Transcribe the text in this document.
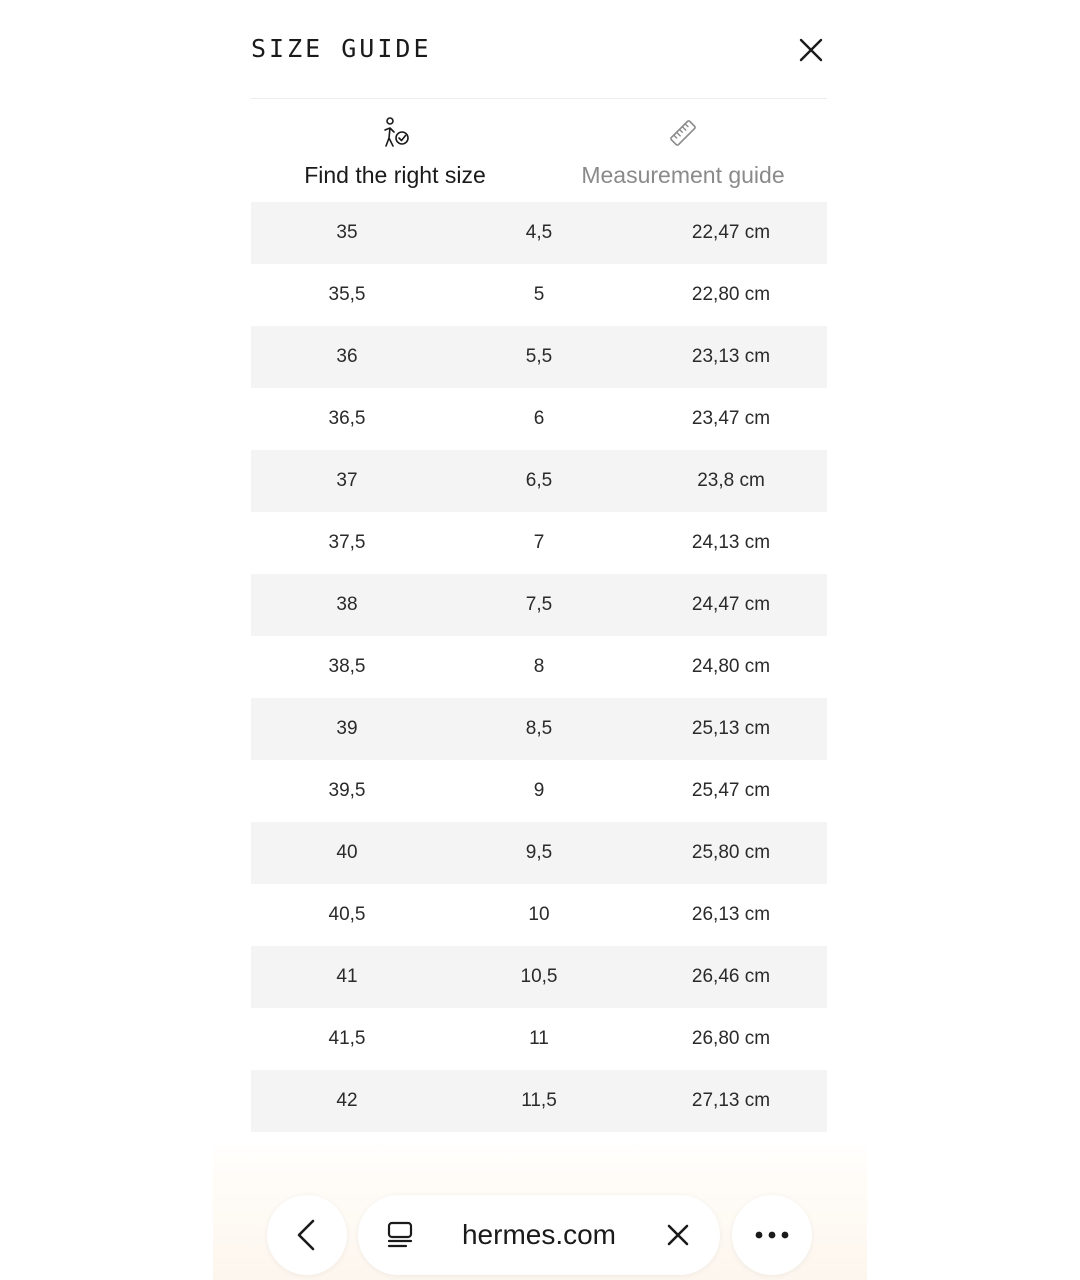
SIZE GUIDE
Find the right size	Measurement guide
35	4,5	22,47 cm
35,5	5	22,80 cm
36	5,5	23,13 cm
36,5	6	23,47 cm
37	6,5	23,8 cm
37,5	7	24,13 cm
38	7,5	24,47 cm
38,5	8	24,80 cm
39	8,5	25,13 cm
39,5	9	25,47 cm
40	9,5	25,80 cm
40,5	10	26,13 cm
41	10,5	26,46 cm
41,5	11	26,80 cm
42	11,5	27,13 cm
hermes.com
